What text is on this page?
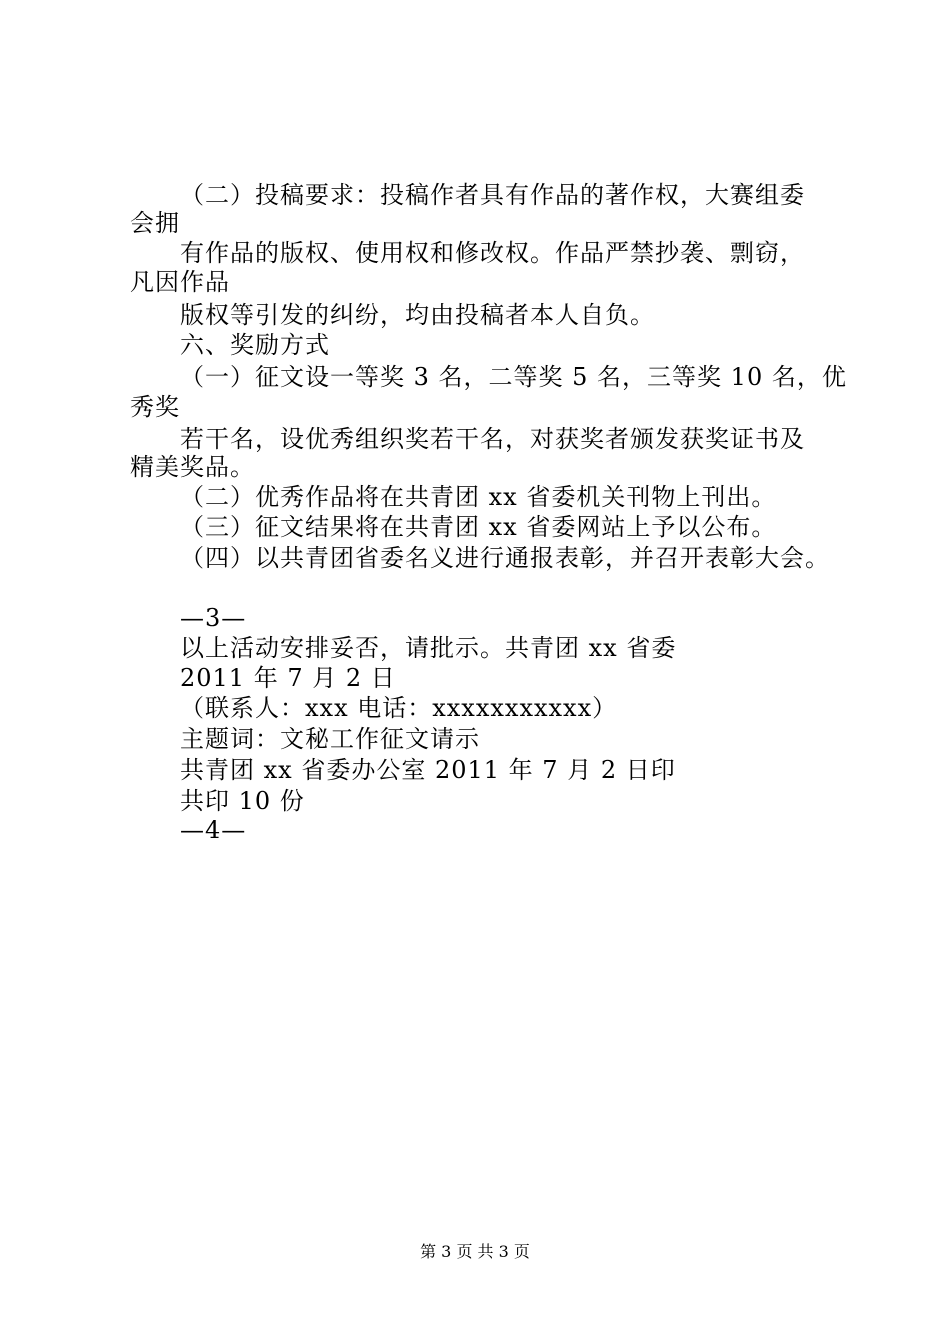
（二）投稿要求：投稿作者具有作品的著作权，大赛组委
会拥
有作品的版权、使用权和修改权。作品严禁抄袭、剽窃，
凡因作品
版权等引发的纠纷，均由投稿者本人自负。
六、奖励方式
（一）征文设一等奖 3 名，二等奖 5 名，三等奖 10 名，优
秀奖
若干名，设优秀组织奖若干名，对获奖者颁发获奖证书及
精美奖品。
（二）优秀作品将在共青团 xx 省委机关刊物上刊出。
（三）征文结果将在共青团 xx 省委网站上予以公布。
（四）以共青团省委名义进行通报表彰，并召开表彰大会。
—3—
以上活动安排妥否，请批示。共青团 xx 省委
2011 年 7 月 2 日
（联系人：xxx 电话：xxxxxxxxxxx）
主题词：文秘工作征文请示
共青团 xx 省委办公室 2011 年 7 月 2 日印
共印 10 份
—4—
第 3 页 共 3 页
